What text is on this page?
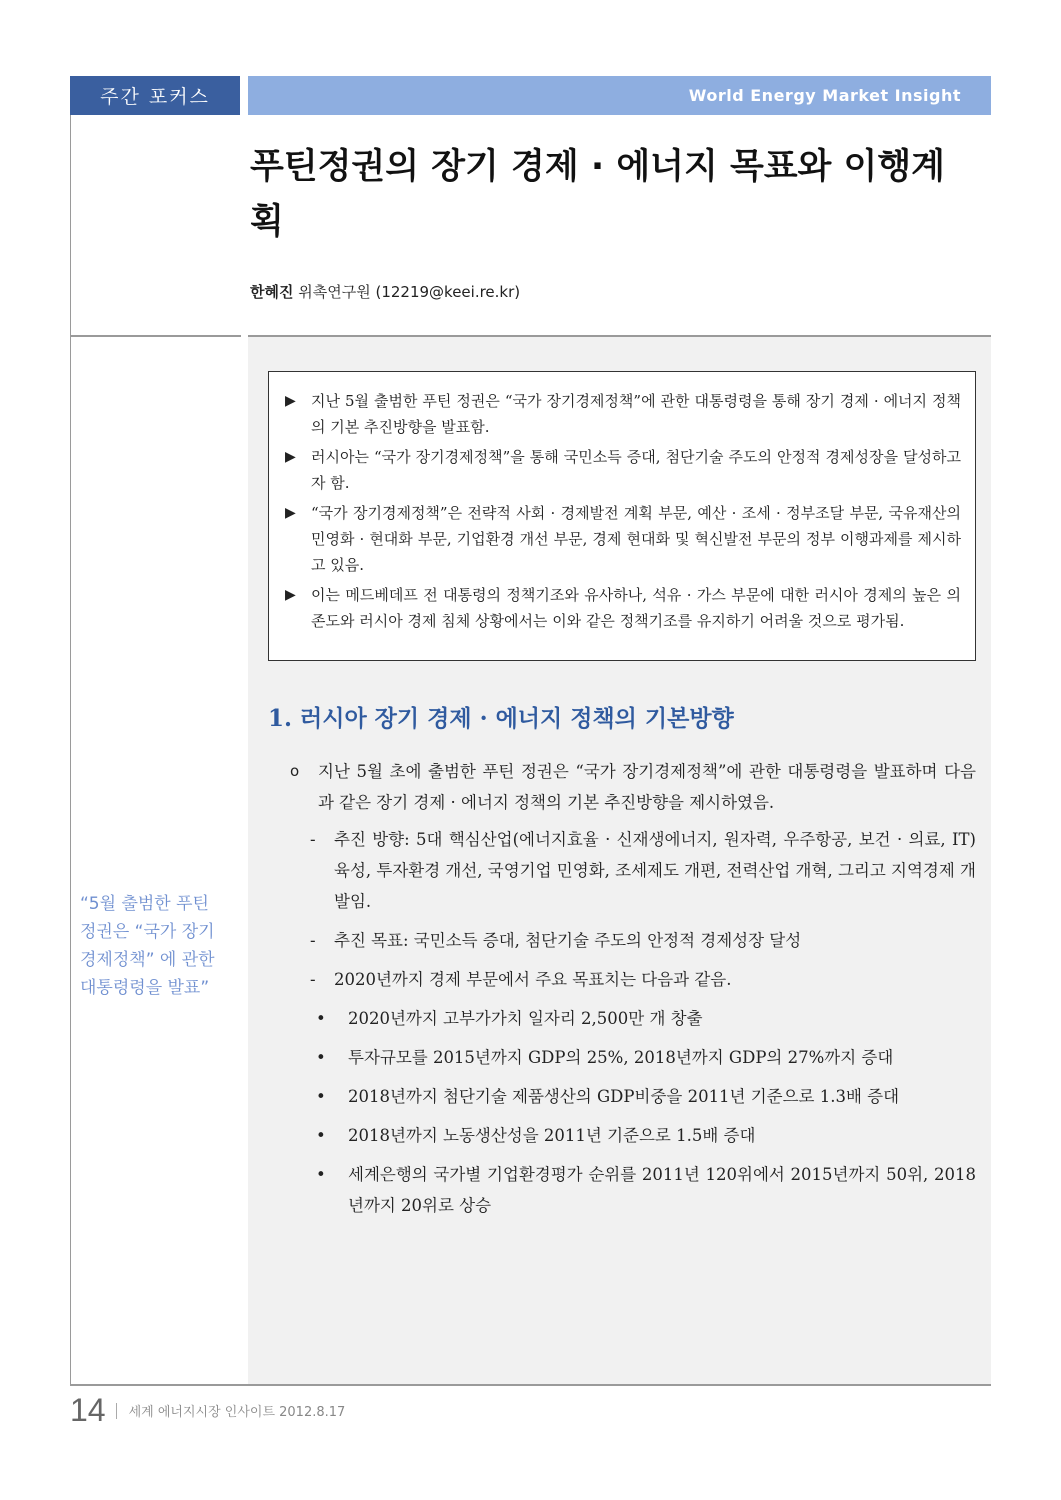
주간 포커스	World Energy Market Insight
푸틴정권의 장기 경제 · 에너지 목표와 이행계획
한혜진 위촉연구원 (12219@keei.re.kr)
▶	지난 5월 출범한 푸틴 정권은 “국가 장기경제정책”에 관한 대통령령을 통해 장기 경제 · 에너지 정책의 기본 추진방향을 발표함.
▶	러시아는 “국가 장기경제정책”을 통해 국민소득 증대, 첨단기술 주도의 안정적 경제성장을 달성하고자 함.
▶	“국가 장기경제정책”은 전략적 사회 · 경제발전 계획 부문, 예산 · 조세 · 정부조달 부문, 국유재산의 민영화 · 현대화 부문, 기업환경 개선 부문, 경제 현대화 및 혁신발전 부문의 정부 이행과제를 제시하고 있음.
▶	이는 메드베데프 전 대통령의 정책기조와 유사하나, 석유 · 가스 부문에 대한 러시아 경제의 높은 의존도와 러시아 경제 침체 상황에서는 이와 같은 정책기조를 유지하기 어려울 것으로 평가됨.
1. 러시아 장기 경제 · 에너지 정책의 기본방향
o	지난 5월 초에 출범한 푸틴 정권은 “국가 장기경제정책”에 관한 대통령령을 발표하며 다음과 같은 장기 경제 · 에너지 정책의 기본 추진방향을 제시하였음.
-	추진 방향: 5대 핵심산업(에너지효율 · 신재생에너지, 원자력, 우주항공, 보건 · 의료, IT) 육성, 투자환경 개선, 국영기업 민영화, 조세제도 개편, 전력산업 개혁, 그리고 지역경제 개발임.
-	추진 목표: 국민소득 증대, 첨단기술 주도의 안정적 경제성장 달성
-	2020년까지 경제 부문에서 주요 목표치는 다음과 같음.
•	2020년까지 고부가가치 일자리 2,500만 개 창출
•	투자규모를 2015년까지 GDP의 25%, 2018년까지 GDP의 27%까지 증대
•	2018년까지 첨단기술 제품생산의 GDP비중을 2011년 기준으로 1.3배 증대
•	2018년까지 노동생산성을 2011년 기준으로 1.5배 증대
•	세계은행의 국가별 기업환경평가 순위를 2011년 120위에서 2015년까지 50위, 2018년까지 20위로 상승
“5월 출범한 푸틴 정권은 “국가 장기경제정책” 에 관한 대통령령을 발표”
14 세계 에너지시장 인사이트 2012.8.17
